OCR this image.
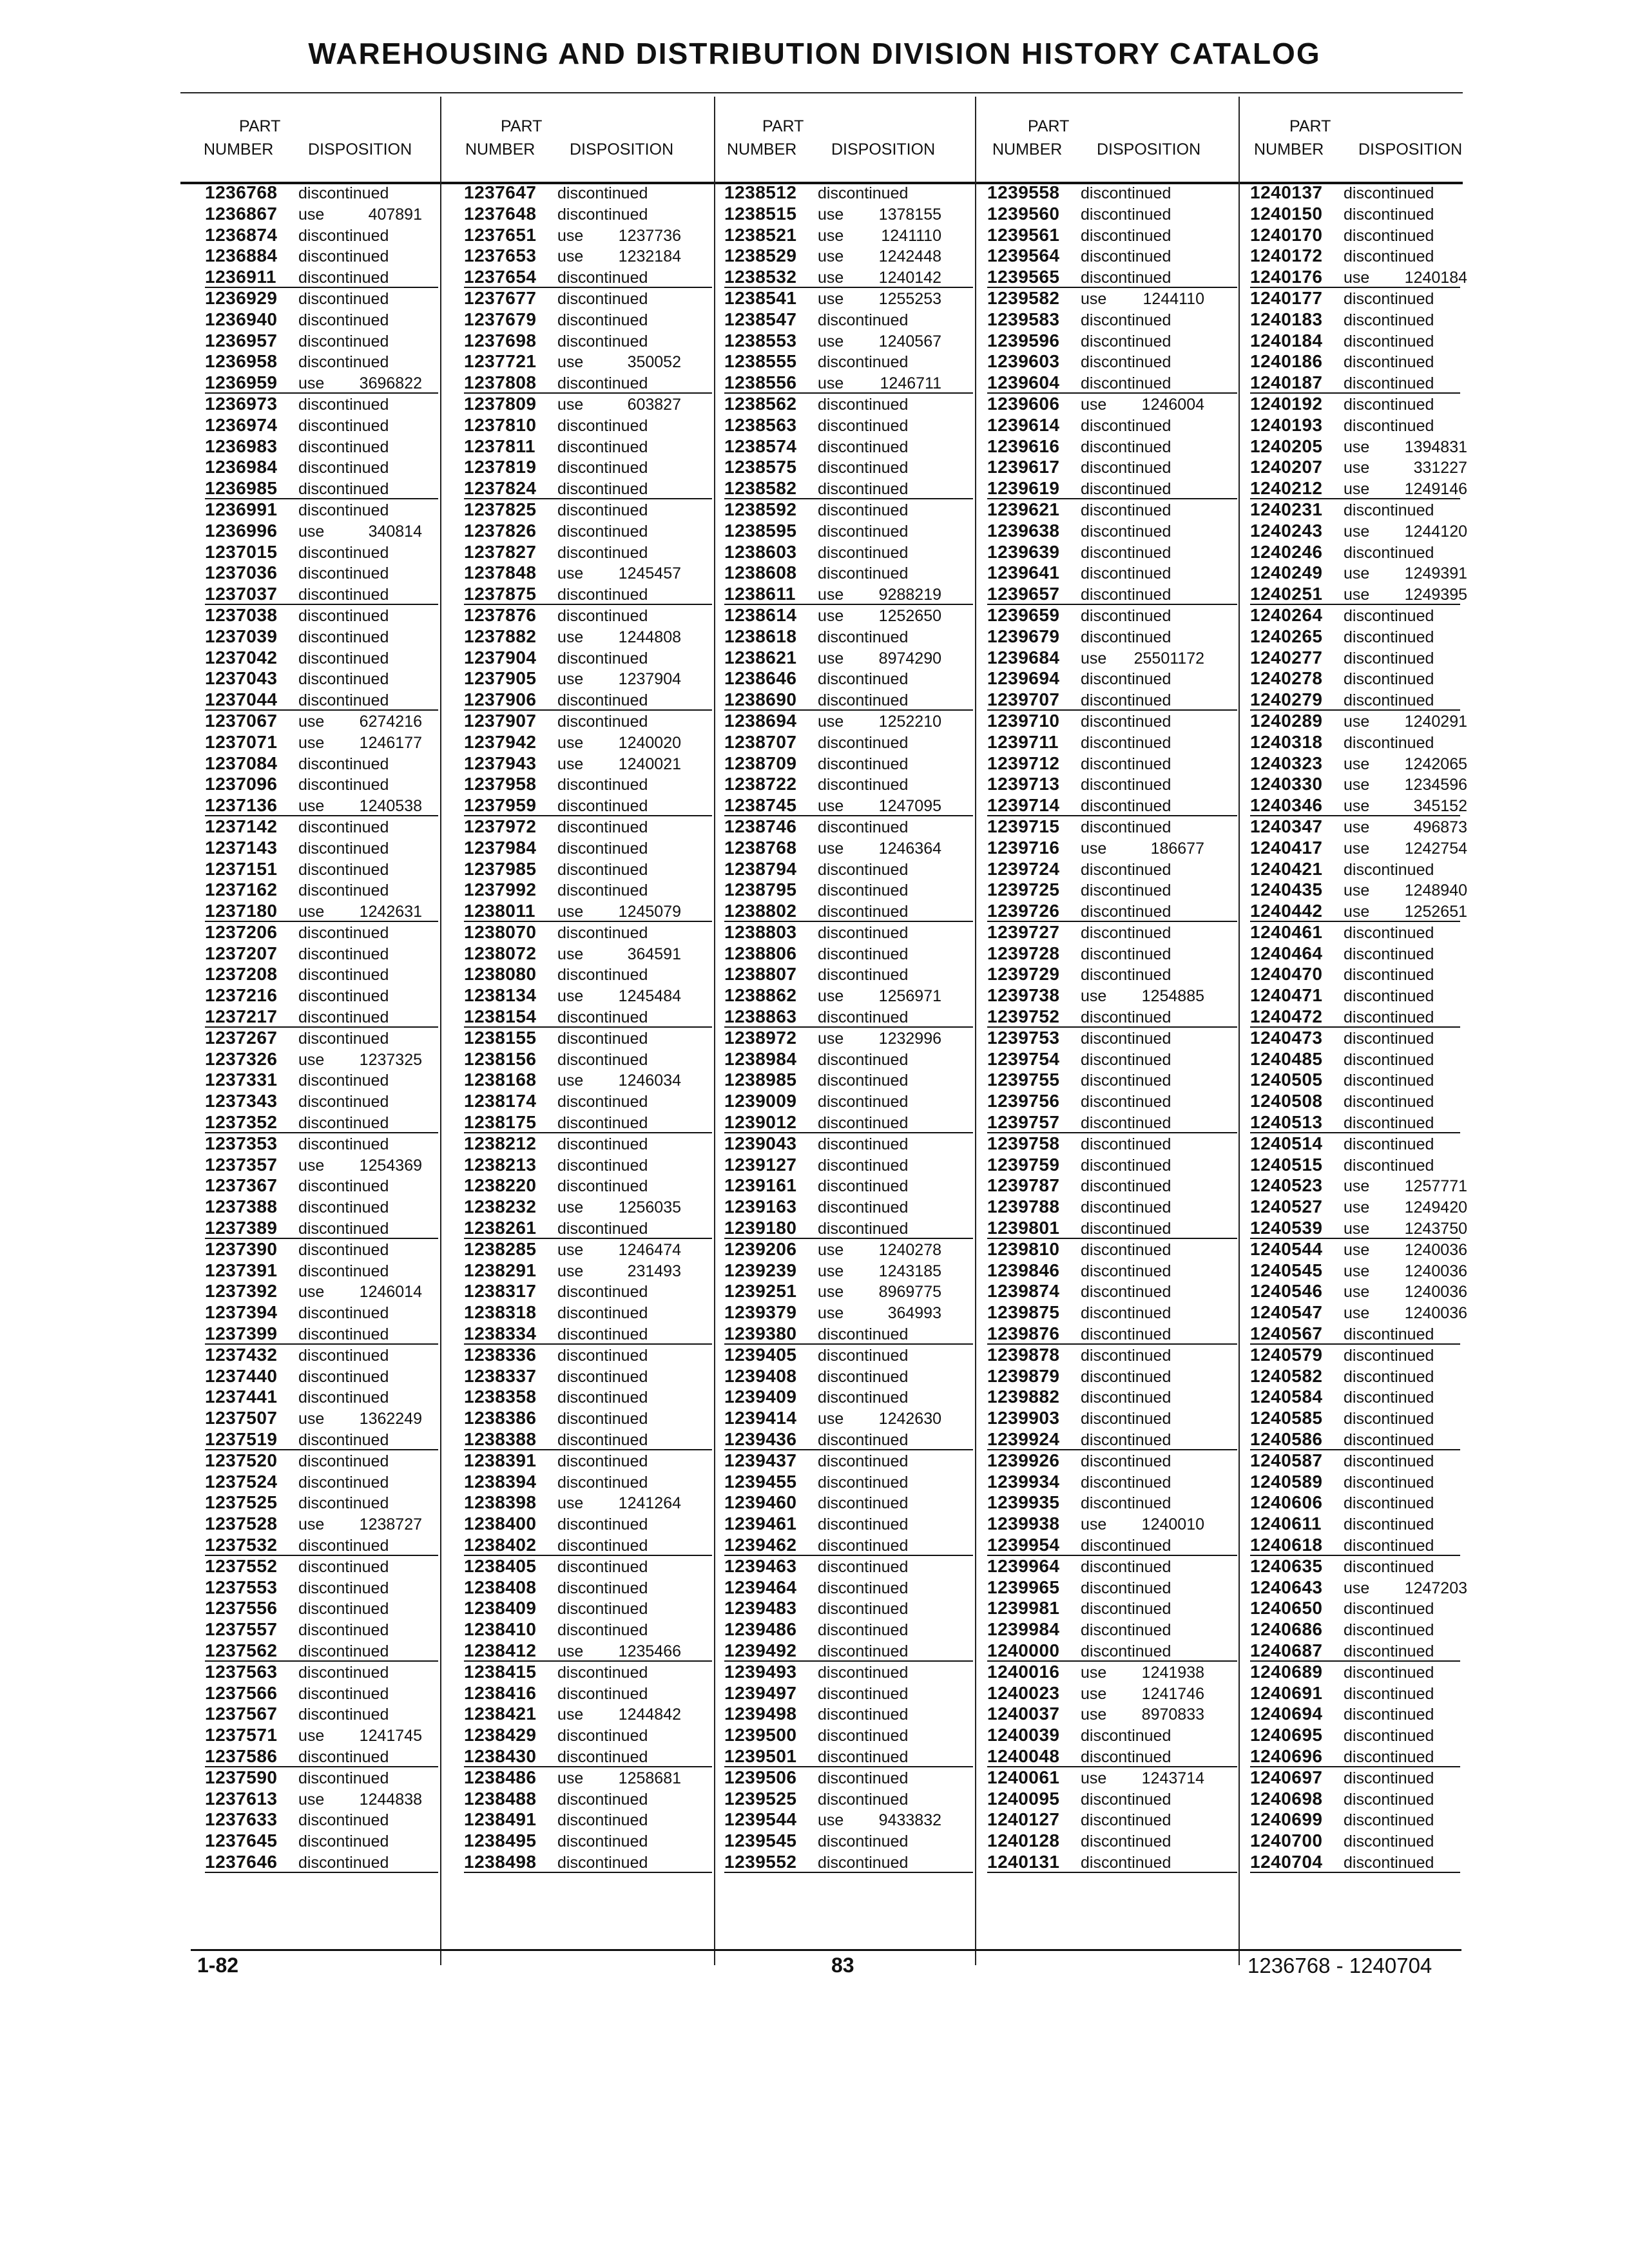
WAREHOUSING AND DISTRIBUTION DIVISION HISTORY CATALOG
PART
NUMBER DISPOSITION
PART
NUMBER DISPOSITION
PART
NUMBER DISPOSITION
PART
NUMBER DISPOSITION
PART
NUMBER DISPOSITION
1236768 discontinued
1236867 use	407891
1236874 discontinued
1236884 discontinued
1236911 discontinued
1236929 discontinued
1236940 discontinued
1236957 discontinued
1236958 discontinued
1236959 use 3696822
1236973 discontinued
1236974 discontinued
1236983 discontinued
1236984 discontinued
1236985 discontinued
1236991 discontinued
1236996 use	340814
1237015 discontinued
1237036 discontinued
1237037 discontinued
1237038 discontinued
1237039 discontinued
1237042 discontinued
1237043 discontinued
1237044 discontinued
1237067 use 6274216
1237071 use 1246177
1237084 discontinued
1237096 discontinued
1237136 use 1240538
1237142 discontinued
1237143 discontinued
1237151 discontinued
1237162 discontinued
1237180 use 1242631
1237206 discontinued
1237207 discontinued
1237208 discontinued
1237216 discontinued
1237217 discontinued
1237267 discontinued
1237326 use 1237325
1237331 discontinued
1237343 discontinued
1237352 discontinued
1237353 discontinued
1237357 use 1254369
1237367 discontinued
1237388 discontinued
1237389 discontinued
1237390 discontinued
1237391 discontinued
1237392 use 1246014
1237394 discontinued
1237399 discontinued
1237432 discontinued
1237440 discontinued
1237441 discontinued
1237507 use 1362249
1237519 discontinued
1237520 discontinued
1237524 discontinued
1237525 discontinued
1237528 use 1238727
1237532 discontinued
1237552 discontinued
1237553 discontinued
1237556 discontinued
1237557 discontinued
1237562 discontinued
1237563 discontinued
1237566 discontinued
1237567 discontinued
1237571 use 1241745
1237586 discontinued
1237590 discontinued
1237613 use 1244838
1237633 discontinued
1237645 discontinued
1237646 discontinued
1237647 discontinued
1237648 discontinued
1237651 use 1237736
1237653 use 1232184
1237654 discontinued
1237677 discontinued
1237679 discontinued
1237698 discontinued
1237721 use	350052
1237808 discontinued
1237809 use	603827
1237810 discontinued
1237811 discontinued
1237819 discontinued
1237824 discontinued
1237825 discontinued
1237826 discontinued
1237827 discontinued
1237848 use 1245457
1237875 discontinued
1237876 discontinued
1237882 use 1244808
1237904 discontinued
1237905 use 1237904
1237906 discontinued
1237907 discontinued
1237942 use 1240020
1237943 use 1240021
1237958 discontinued
1237959 discontinued
1237972 discontinued
1237984 discontinued
1237985 discontinued
1237992 discontinued
1238011 use 1245079
1238070 discontinued
1238072 use	364591
1238080 discontinued
1238134 use 1245484
1238154 discontinued
1238155 discontinued
1238156 discontinued
1238168 use 1246034
1238174 discontinued
1238175 discontinued
1238212 discontinued
1238213 discontinued
1238220 discontinued
1238232 use 1256035
1238261 discontinued
1238285 use 1246474
1238291 use	231493
1238317 discontinued
1238318 discontinued
1238334 discontinued
1238336 discontinued
1238337 discontinued
1238358 discontinued
1238386 discontinued
1238388 discontinued
1238391 discontinued
1238394 discontinued
1238398 use 1241264
1238400 discontinued
1238402 discontinued
1238405 discontinued
1238408 discontinued
1238409 discontinued
1238410 discontinued
1238412 use 1235466
1238415 discontinued
1238416 discontinued
1238421 use 1244842
1238429 discontinued
1238430 discontinued
1238486 use 1258681
1238488 discontinued
1238491 discontinued
1238495 discontinued
1238498 discontinued
1238512 discontinued
1238515 use 1378155
1238521 use 1241110
1238529 use 1242448
1238532 use 1240142
1238541 use 1255253
1238547 discontinued
1238553 use 1240567
1238555 discontinued
1238556 use 1246711
1238562 discontinued
1238563 discontinued
1238574 discontinued
1238575 discontinued
1238582 discontinued
1238592 discontinued
1238595 discontinued
1238603 discontinued
1238608 discontinued
1238611 use 9288219
1238614 use 1252650
1238618 discontinued
1238621 use 8974290
1238646 discontinued
1238690 discontinued
1238694 use 1252210
1238707 discontinued
1238709 discontinued
1238722 discontinued
1238745 use 1247095
1238746 discontinued
1238768 use 1246364
1238794 discontinued
1238795 discontinued
1238802 discontinued
1238803 discontinued
1238806 discontinued
1238807 discontinued
1238862 use 1256971
1238863 discontinued
1238972 use 1232996
1238984 discontinued
1238985 discontinued
1239009 discontinued
1239012 discontinued
1239043 discontinued
1239127 discontinued
1239161 discontinued
1239163 discontinued
1239180 discontinued
1239206 use 1240278
1239239 use 1243185
1239251 use 8969775
1239379 use	364993
1239380 discontinued
1239405 discontinued
1239408 discontinued
1239409 discontinued
1239414 use 1242630
1239436 discontinued
1239437 discontinued
1239455 discontinued
1239460 discontinued
1239461 discontinued
1239462 discontinued
1239463 discontinued
1239464 discontinued
1239483 discontinued
1239486 discontinued
1239492 discontinued
1239493 discontinued
1239497 discontinued
1239498 discontinued
1239500 discontinued
1239501 discontinued
1239506 discontinued
1239525 discontinued
1239544 use 9433832
1239545 discontinued
1239552 discontinued
1239558 discontinued
1239560 discontinued
1239561 discontinued
1239564 discontinued
1239565 discontinued
1239582 use 1244110
1239583 discontinued
1239596 discontinued
1239603 discontinued
1239604 discontinued
1239606 use 1246004
1239614 discontinued
1239616 discontinued
1239617 discontinued
1239619 discontinued
1239621 discontinued
1239638 discontinued
1239639 discontinued
1239641 discontinued
1239657 discontinued
1239659 discontinued
1239679 discontinued
1239684 use 25501172
1239694 discontinued
1239707 discontinued
1239710 discontinued
1239711 discontinued
1239712 discontinued
1239713 discontinued
1239714 discontinued
1239715 discontinued
1239716 use	186677
1239724 discontinued
1239725 discontinued
1239726 discontinued
1239727 discontinued
1239728 discontinued
1239729 discontinued
1239738 use 1254885
1239752 discontinued
1239753 discontinued
1239754 discontinued
1239755 discontinued
1239756 discontinued
1239757 discontinued
1239758 discontinued
1239759 discontinued
1239787 discontinued
1239788 discontinued
1239801 discontinued
1239810 discontinued
1239846 discontinued
1239874 discontinued
1239875 discontinued
1239876 discontinued
1239878 discontinued
1239879 discontinued
1239882 discontinued
1239903 discontinued
1239924 discontinued
1239926 discontinued
1239934 discontinued
1239935 discontinued
1239938 use 1240010
1239954 discontinued
1239964 discontinued
1239965 discontinued
1239981 discontinued
1239984 discontinued
1240000 discontinued
1240016 use 1241938
1240023 use 1241746
1240037 use 8970833
1240039 discontinued
1240048 discontinued
1240061 use 1243714
1240095 discontinued
1240127 discontinued
1240128 discontinued
1240131 discontinued
1240137 discontinued
1240150 discontinued
1240170 discontinued
1240172 discontinued
1240176 use 1240184
1240177 discontinued
1240183 discontinued
1240184 discontinued
1240186 discontinued
1240187 discontinued
1240192 discontinued
1240193 discontinued
1240205 use 1394831
1240207 use	331227
1240212 use 1249146
1240231 discontinued
1240243 use 1244120
1240246 discontinued
1240249 use 1249391
1240251 use 1249395
1240264 discontinued
1240265 discontinued
1240277 discontinued
1240278 discontinued
1240279 discontinued
1240289 use 1240291
1240318 discontinued
1240323 use 1242065
1240330 use 1234596
1240346 use	345152
1240347 use	496873
1240417 use 1242754
1240421 discontinued
1240435 use 1248940
1240442 use 1252651
1240461 discontinued
1240464 discontinued
1240470 discontinued
1240471 discontinued
1240472 discontinued
1240473 discontinued
1240485 discontinued
1240505 discontinued
1240508 discontinued
1240513 discontinued
1240514 discontinued
1240515 discontinued
1240523 use 1257771
1240527 use 1249420
1240539 use 1243750
1240544 use 1240036
1240545 use 1240036
1240546 use 1240036
1240547 use 1240036
1240567 discontinued
1240579 discontinued
1240582 discontinued
1240584 discontinued
1240585 discontinued
1240586 discontinued
1240587 discontinued
1240589 discontinued
1240606 discontinued
1240611 discontinued
1240618 discontinued
1240635 discontinued
1240643 use 1247203
1240650 discontinued
1240686 discontinued
1240687 discontinued
1240689 discontinued
1240691 discontinued
1240694 discontinued
1240695 discontinued
1240696 discontinued
1240697 discontinued
1240698 discontinued
1240699 discontinued
1240700 discontinued
1240704 discontinued
1-82	83	1236768 - 1240704
